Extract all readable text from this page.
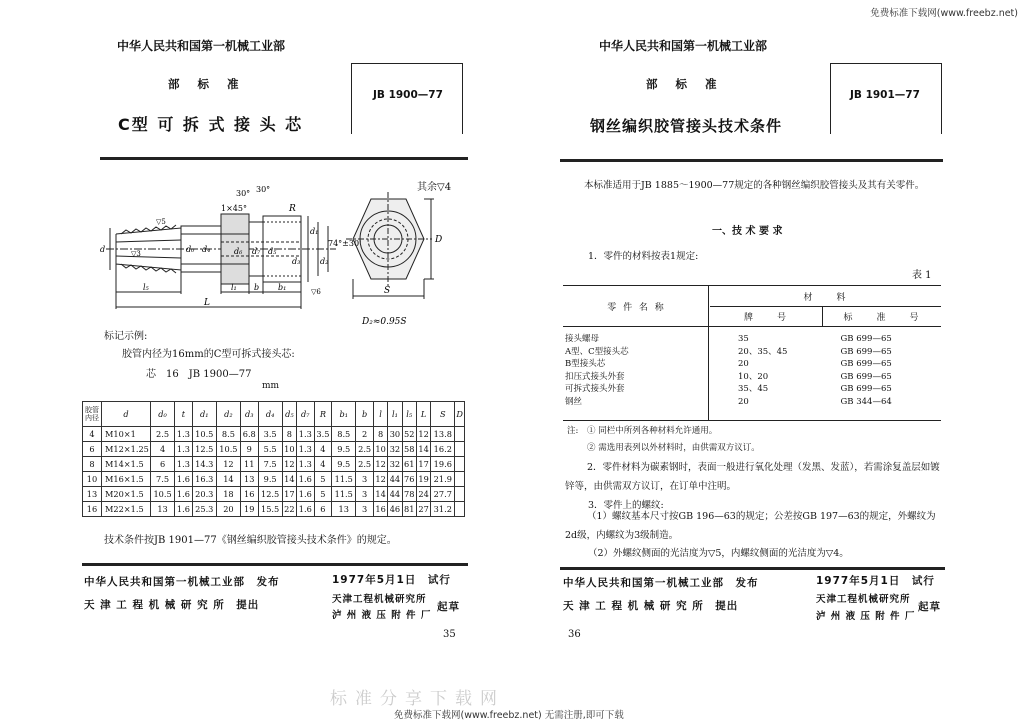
免费标准下载网(www.freebz.net)
标准分享下载网
免费标准下载网(www.freebz.net) 无需注册,即可下载
中华人民共和国第一机械工业部
部 标 准
C型 可 拆 式 接 头 芯
JB 1900—77
其余▽4
30° 30°
1×45°	R
▽5
▽3
▽6
74°±30'	D
S
D₂≈0.95S
l₅
L
l₁ b b₁
d	d₀ d₄
d₁
d₂
d₃
d₅
d₆ d₇
标记示例:
胶管内径为16mm的C型可拆式接头芯:
芯　16　JB 1900—77
mm
胶管内径	d	d₀	t	d₁	d₂	d₃	d₄	d₅	d₇	R	b₁	b	l	l₁	l₅	L	S	D
4	M10×1	2.5	1.3	10.5	8.5	6.8	3.5	8	1.3	3.5	8.5	2	8	30	52	12	13.8	
6	M12×1.25	4	1.3	12.5	10.5	9	5.5	10	1.3	4	9.5	2.5	10	32	58	14	16.2	
8	M14×1.5	6	1.3	14.3	12	11	7.5	12	1.3	4	9.5	2.5	12	32	61	17	19.6	
10	M16×1.5	7.5	1.6	16.3	14	13	9.5	14	1.6	5	11.5	3	12	44	76	19	21.9	
13	M20×1.5	10.5	1.6	20.3	18	16	12.5	17	1.6	5	11.5	3	14	44	78	24	27.7	
16	M22×1.5	13	1.6	25.3	20	19	15.5	22	1.6	6	13	3	16	46	81	27	31.2	
技术条件按JB 1901—77《钢丝编织胶管接头技术条件》的规定。
中华人民共和国第一机械工业部　发布	1977年5月1日　试行
天 津 工 程 机 械 研 究 所　提出	天津工程机械研究所
泸 州 液 压 附 件 厂
起草
35
中华人民共和国第一机械工业部
部 标 准
钢丝编织胶管接头技术条件
JB 1901—77
本标准适用于JB 1885～1900—77规定的各种钢丝编织胶管接头及其有关零件。
一、技 术 要 求
1．零件的材料按表1规定:
表 1
零 件 名 称	材　　料	
	牌　　号	标　　准　　号
接头螺母	35	GB 699—65
A型、C型接头芯	20、35、45	GB 699—65
B型接头芯	20	GB 699—65
扣压式接头外套	10、20	GB 699—65
可拆式接头外套	35、45	GB 699—65
钢丝	20	GB 344—64
注: ① 同栏中所列各种材料允许通用。
② 需选用表列以外材料时，由供需双方议订。
2．零件材料为碳素钢时，表面一般进行氧化处理（发黑、发蓝），若需涂复盖层如镀锌等，由供需双方议订，在订单中注明。
3．零件上的螺纹:
（1）螺纹基本尺寸按GB 196—63的规定；公差按GB 197—63的规定，外螺纹为2d级，内螺纹为3级制造。
（2）外螺纹侧面的光洁度为▽5，内螺纹侧面的光洁度为▽4。
中华人民共和国第一机械工业部　发布	1977年5月1日　试行
天 津 工 程 机 械 研 究 所　提出
天津工程机械研究所
泸 州 液 压 附 件 厂
起草
36
